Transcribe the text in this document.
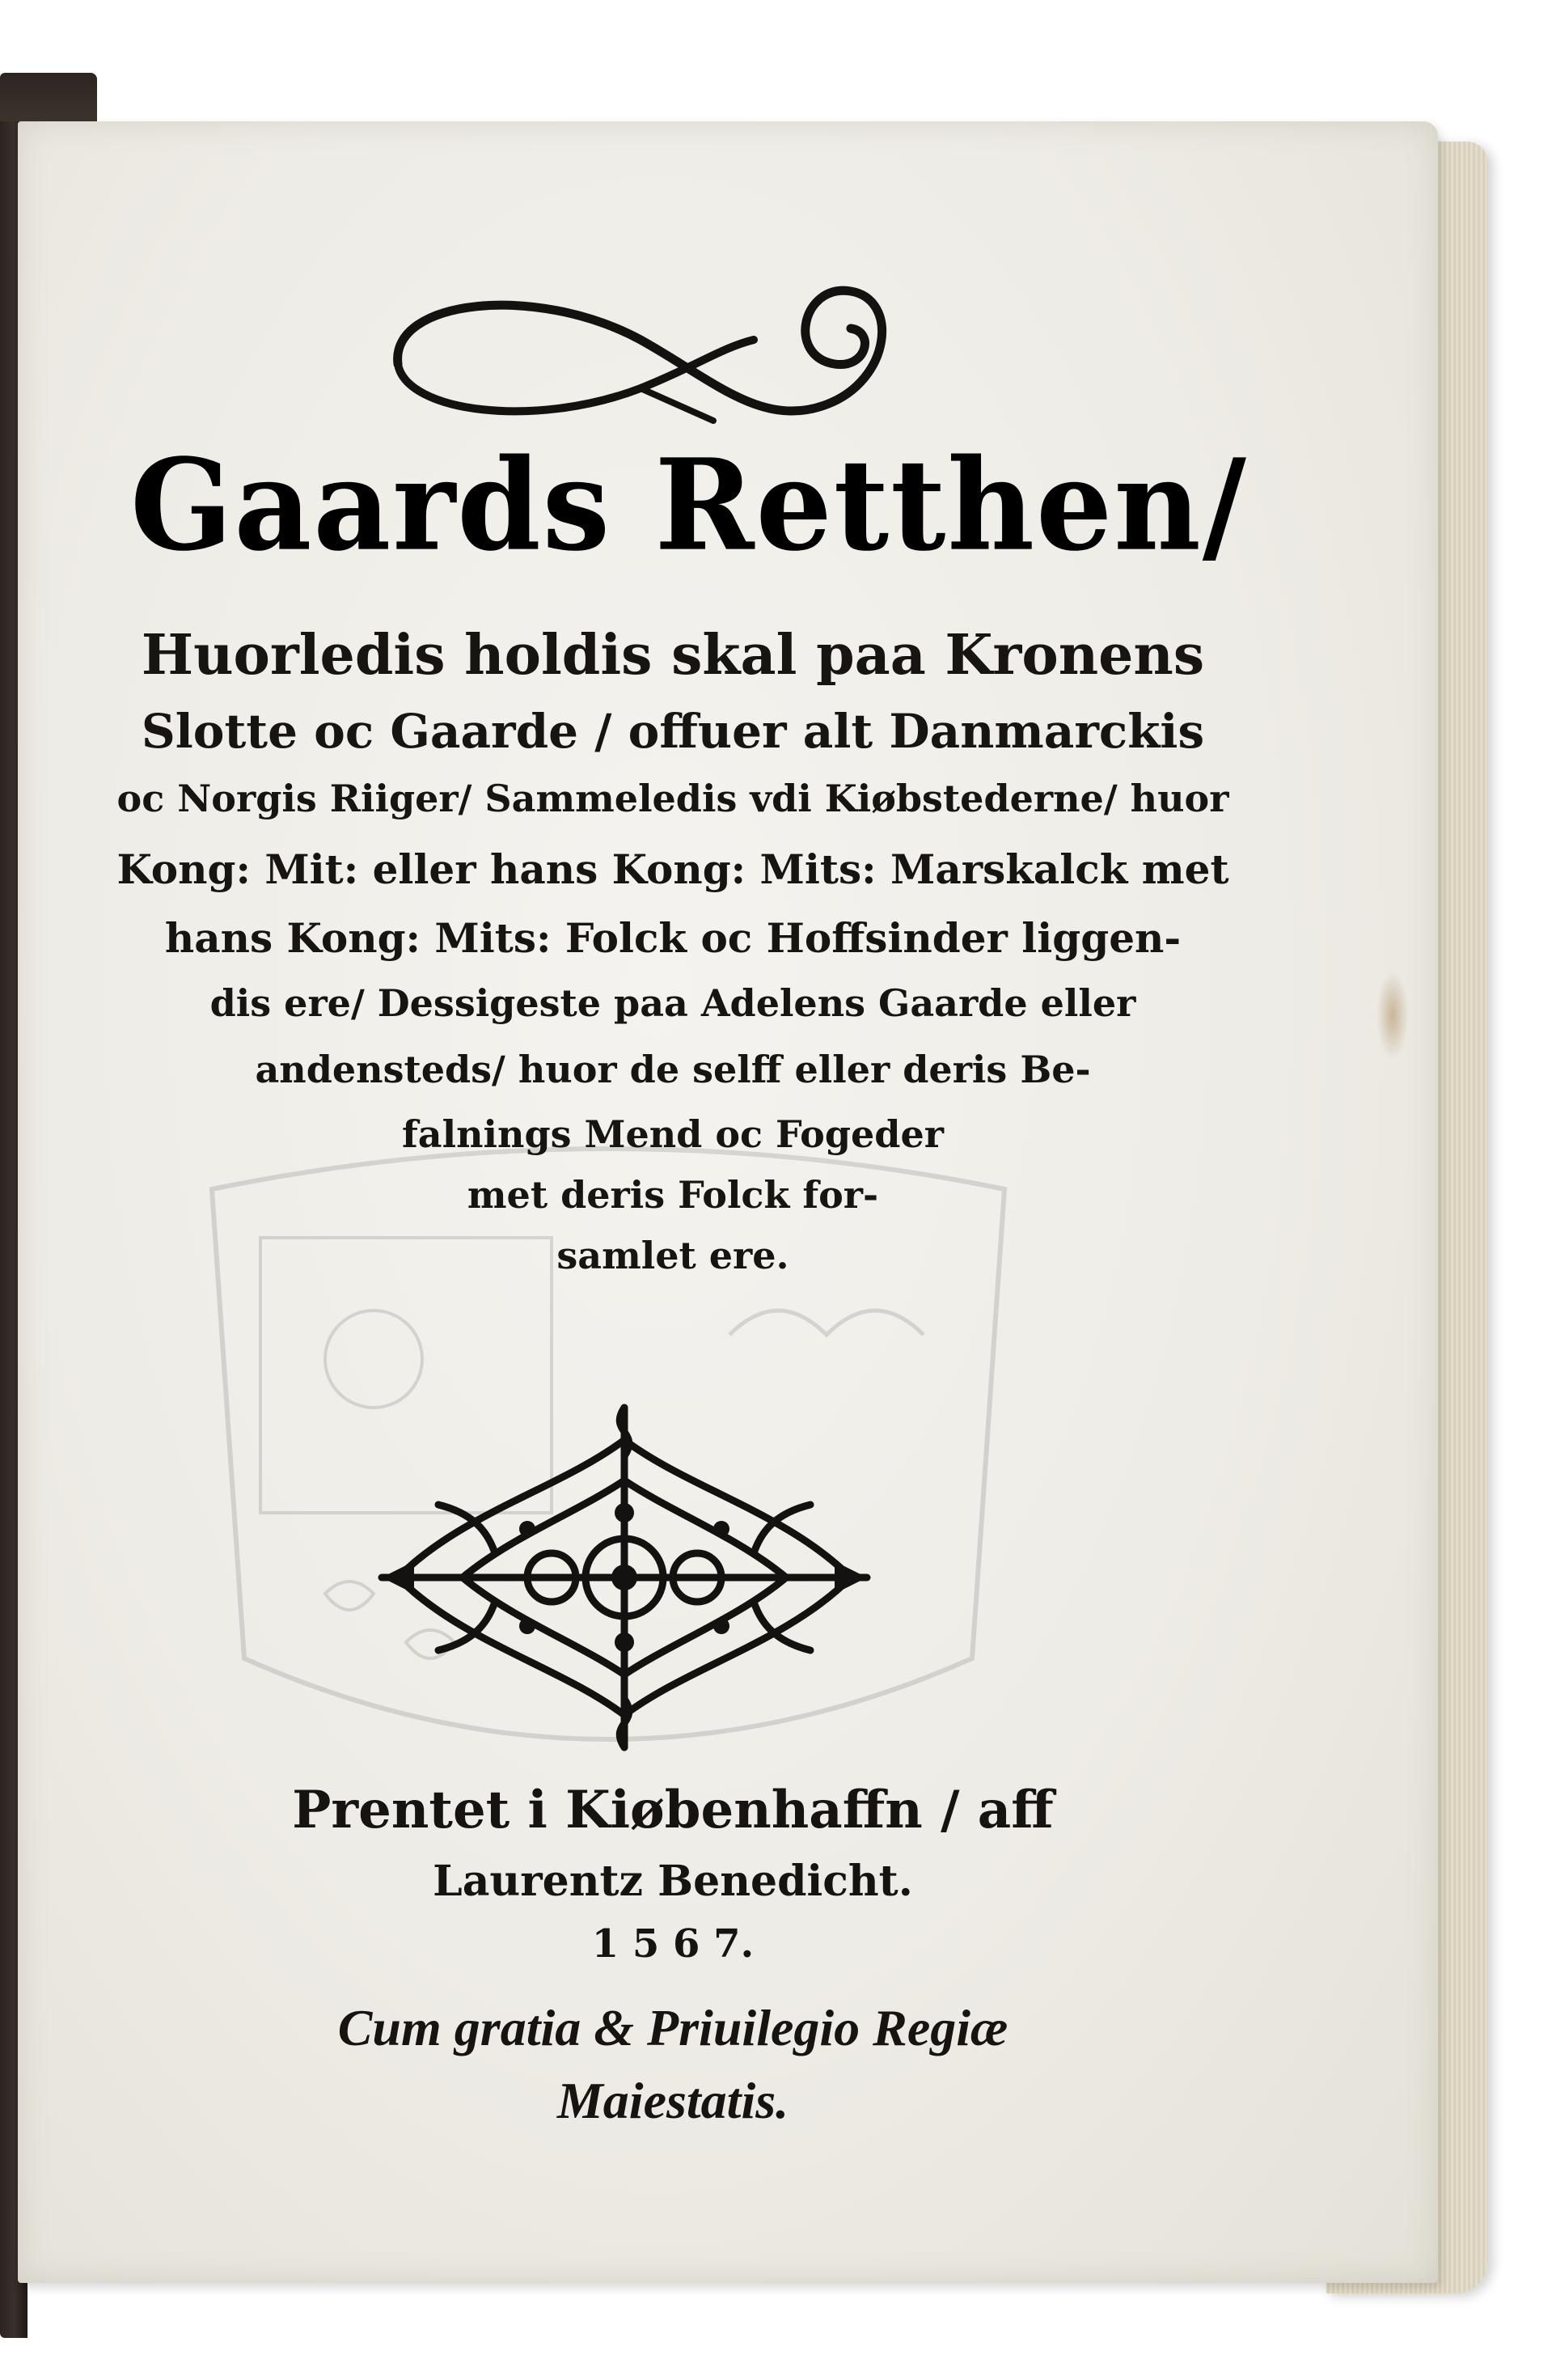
Gaards Retthen/
Huorledis holdis skal paa Kronens
Slotte oc Gaarde / offuer alt Danmarckis
oc Norgis Riiger/ Sammeledis vdi Kiøbstederne/ huor
Kong: Mit: eller hans Kong: Mits: Marskalck met
hans Kong: Mits: Folck oc Hoffsinder liggen-
dis ere/ Dessigeste paa Adelens Gaarde eller
andensteds/ huor de selff eller deris Be-
falnings Mend oc Fogeder
met deris Folck for-
samlet ere.
Prentet i Kiøbenhaffn / aff
Laurentz Benedicht.
1 5 6 7.
Cum gratia & Priuilegio Regiæ
Maiestatis.
